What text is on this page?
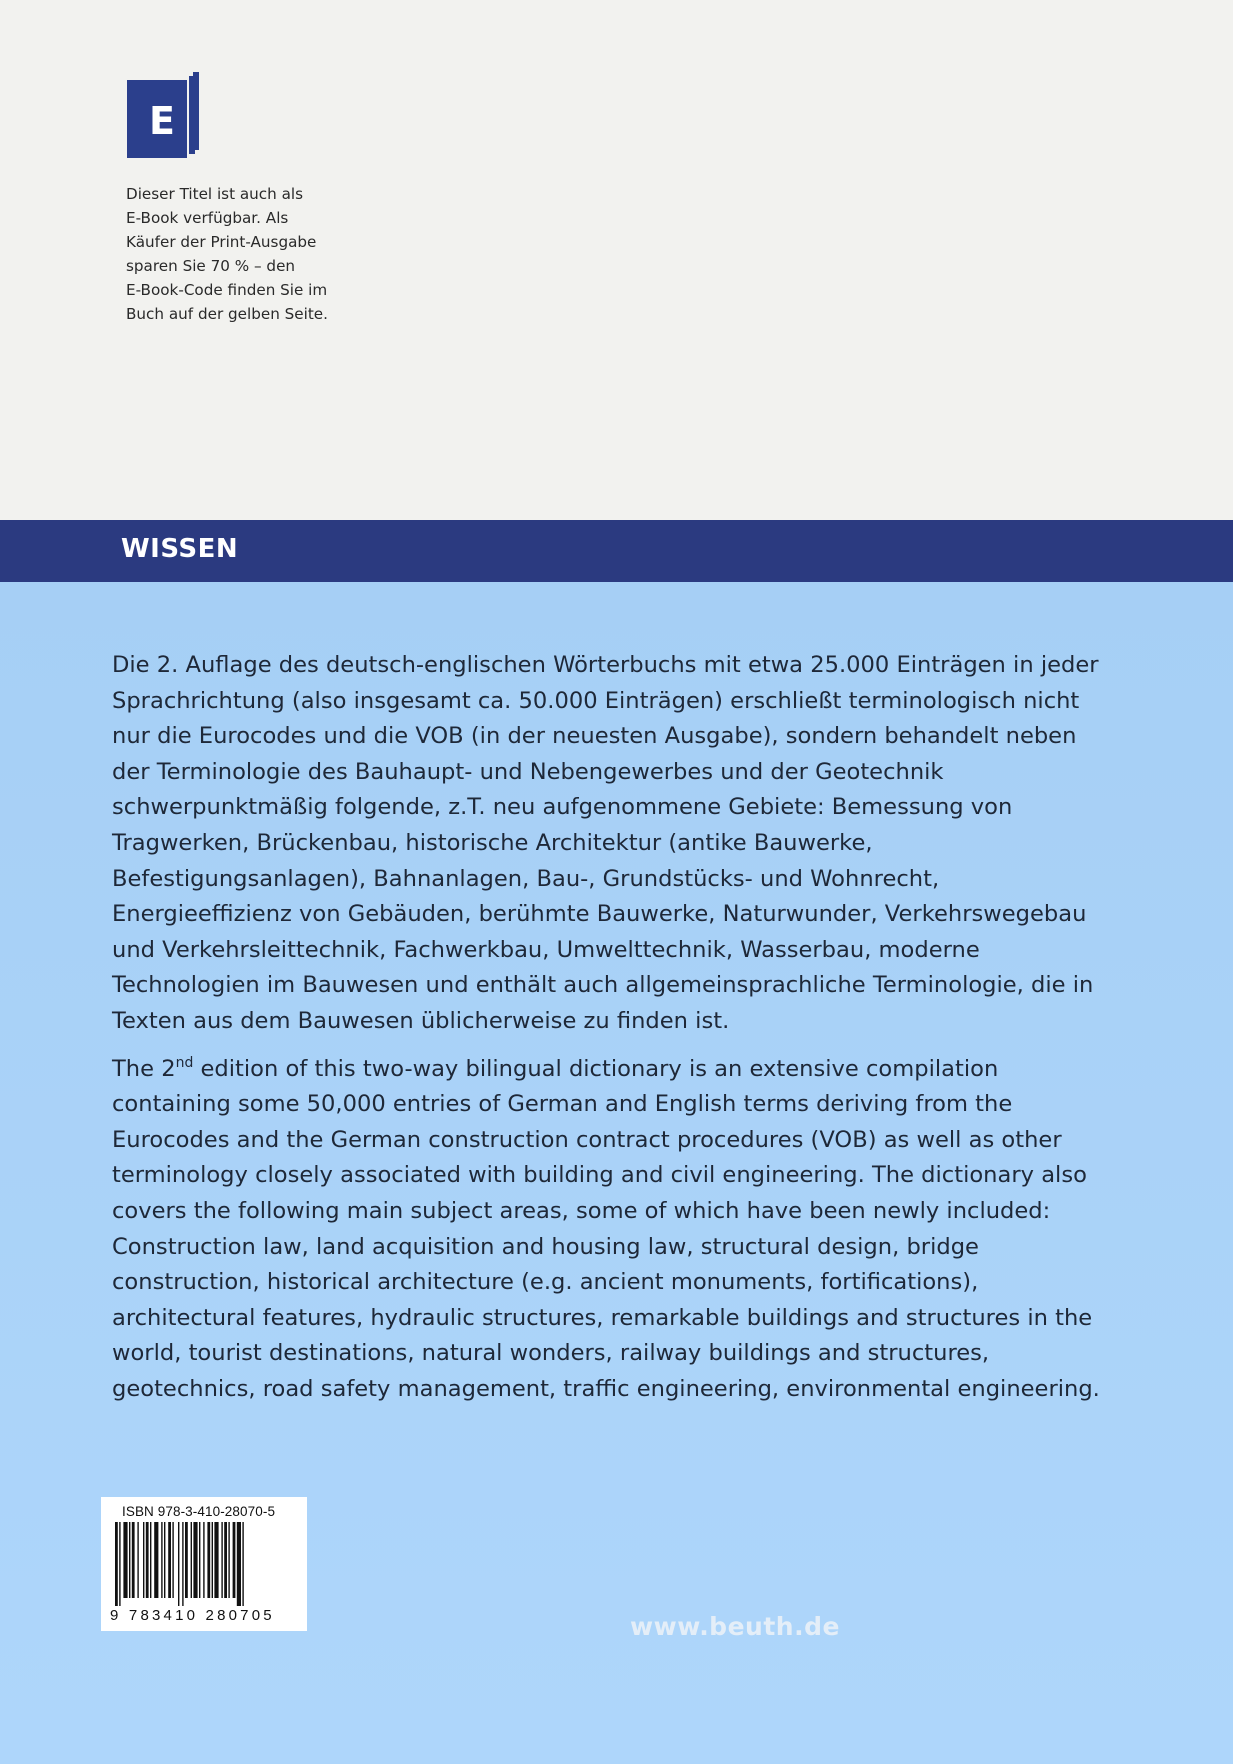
E
Dieser Titel ist auch als
E-Book verfügbar. Als
Käufer der Print-Ausgabe
sparen Sie 70 % – den
E-Book-Code finden Sie im
Buch auf der gelben Seite.
WISSEN

Die 2. Auflage des deutsch-englischen Wörterbuchs mit etwa 25.000 Einträgen in jeder Sprachrichtung (also insgesamt ca. 50.000 Einträgen) erschließt terminologisch nicht nur die Eurocodes und die VOB (in der neuesten Ausgabe), sondern behandelt neben der Terminologie des Bauhaupt- und Nebengewerbes und der Geotechnik schwerpunktmäßig folgende, z.T. neu aufgenommene Gebiete: Bemessung von Tragwerken, Brückenbau, historische Architektur (antike Bauwerke, Befestigungsanlagen), Bahnanlagen, Bau-, Grundstücks- und Wohnrecht, Energieeffizienz von Gebäuden, berühmte Bauwerke, Naturwunder, Verkehrswegebau und Verkehrsleittechnik, Fachwerkbau, Umwelttechnik, Wasserbau, moderne Technologien im Bauwesen und enthält auch allgemeinsprachliche Terminologie, die in Texten aus dem Bauwesen üblicherweise zu finden ist.

The 2nd edition of this two-way bilingual dictionary is an extensive compilation containing some 50,000 entries of German and English terms deriving from the Eurocodes and the German construction contract procedures (VOB) as well as other terminology closely associated with building and civil engineering. The dictionary also covers the following main subject areas, some of which have been newly included: Construction law, land acquisition and housing law, structural design, bridge construction, historical architecture (e.g. ancient monuments, fortifications), architectural features, hydraulic structures, remarkable buildings and structures in the world, tourist destinations, natural wonders, railway buildings and structures, geotechnics, road safety management, traffic engineering, environmental engineering.

ISBN 978-3-410-28070-5
9 783410 280705	www.beuth.de
